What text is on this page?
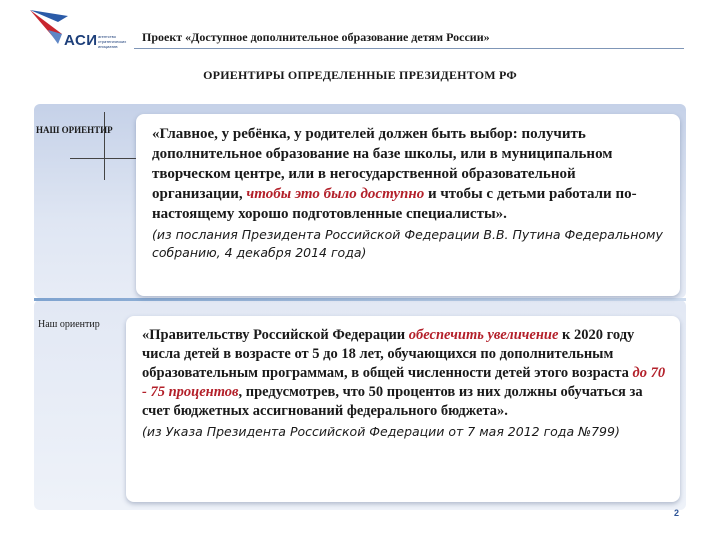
АСИ агентство стратегических инициатив
Проект «Доступное дополнительное образование детям России»
ОРИЕНТИРЫ ОПРЕДЕЛЕННЫЕ ПРЕЗИДЕНТОМ РФ
НАШ ОРИЕНТИР
Наш ориентир
«Главное, у ребёнка, у родителей должен быть выбор: получить дополнительное образование на базе школы, или в муниципальном творческом центре, или в негосударственной образовательной организации, чтобы это было доступно и чтобы с детьми работали по-настоящему хорошо подготовленные специалисты».
(из послания Президента Российской Федерации В.В. Путина Федеральному собранию, 4 декабря 2014 года)
«Правительству Российской Федерации обеспечить увеличение к 2020 году числа детей в возрасте от 5 до 18 лет, обучающихся по дополнительным образовательным программам, в общей численности детей этого возраста до 70 - 75 процентов, предусмотрев, что 50 процентов из них должны обучаться за счет бюджетных ассигнований федерального бюджета».
(из Указа Президента Российской Федерации от 7 мая 2012 года №799)
2
